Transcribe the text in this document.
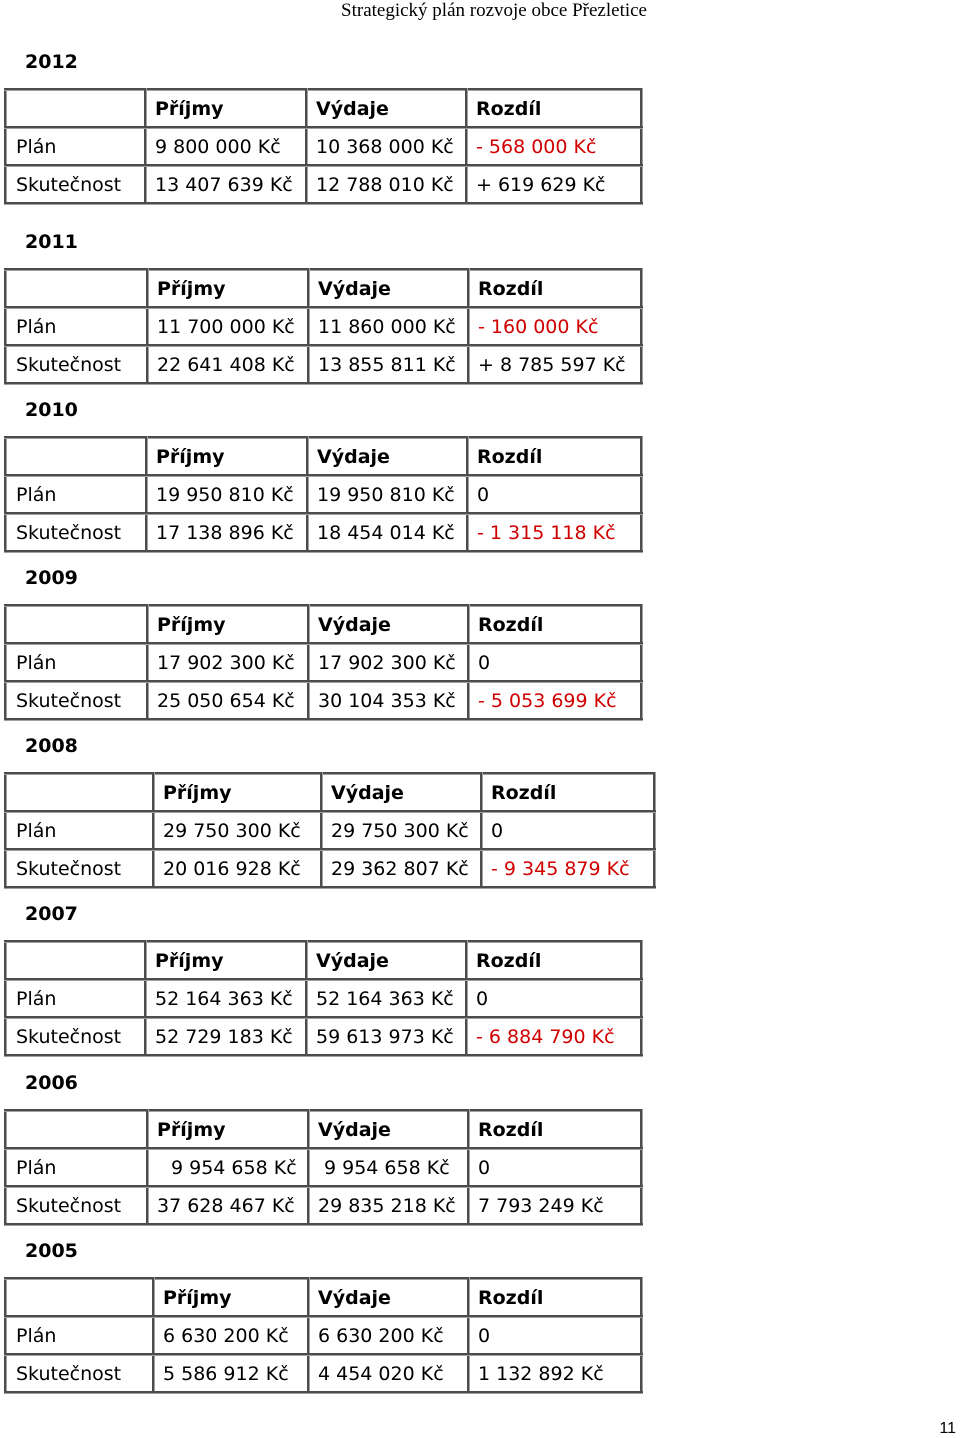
Strategický plán rozvoje obce Přezletice
2012
	Příjmy	Výdaje	Rozdíl
Plán	9 800 000 Kč	10 368 000 Kč	- 568 000 Kč
Skutečnost	13 407 639 Kč	12 788 010 Kč	+ 619 629 Kč
2011
	Příjmy	Výdaje	Rozdíl
Plán	11 700 000 Kč	11 860 000 Kč	- 160 000 Kč
Skutečnost	22 641 408 Kč	13 855 811 Kč	+ 8 785 597 Kč
2010
	Příjmy	Výdaje	Rozdíl
Plán	19 950 810 Kč	19 950 810 Kč	0
Skutečnost	17 138 896 Kč	18 454 014 Kč	- 1 315 118 Kč
2009
	Příjmy	Výdaje	Rozdíl
Plán	17 902 300 Kč	17 902 300 Kč	0
Skutečnost	25 050 654 Kč	30 104 353 Kč	- 5 053 699 Kč
2008
	Příjmy	Výdaje	Rozdíl
Plán	29 750 300 Kč	29 750 300 Kč	0
Skutečnost	20 016 928 Kč	29 362 807 Kč	- 9 345 879 Kč
2007
	Příjmy	Výdaje	Rozdíl
Plán	52 164 363 Kč	52 164 363 Kč	0
Skutečnost	52 729 183 Kč	59 613 973 Kč	- 6 884 790 Kč
2006
	Příjmy	Výdaje	Rozdíl
Plán	9 954 658 Kč	9 954 658 Kč	0
Skutečnost	37 628 467 Kč	29 835 218 Kč	7 793 249 Kč
2005
	Příjmy	Výdaje	Rozdíl
Plán	6 630 200 Kč	6 630 200 Kč	0
Skutečnost	5 586 912 Kč	4 454 020 Kč	1 132 892 Kč
11
